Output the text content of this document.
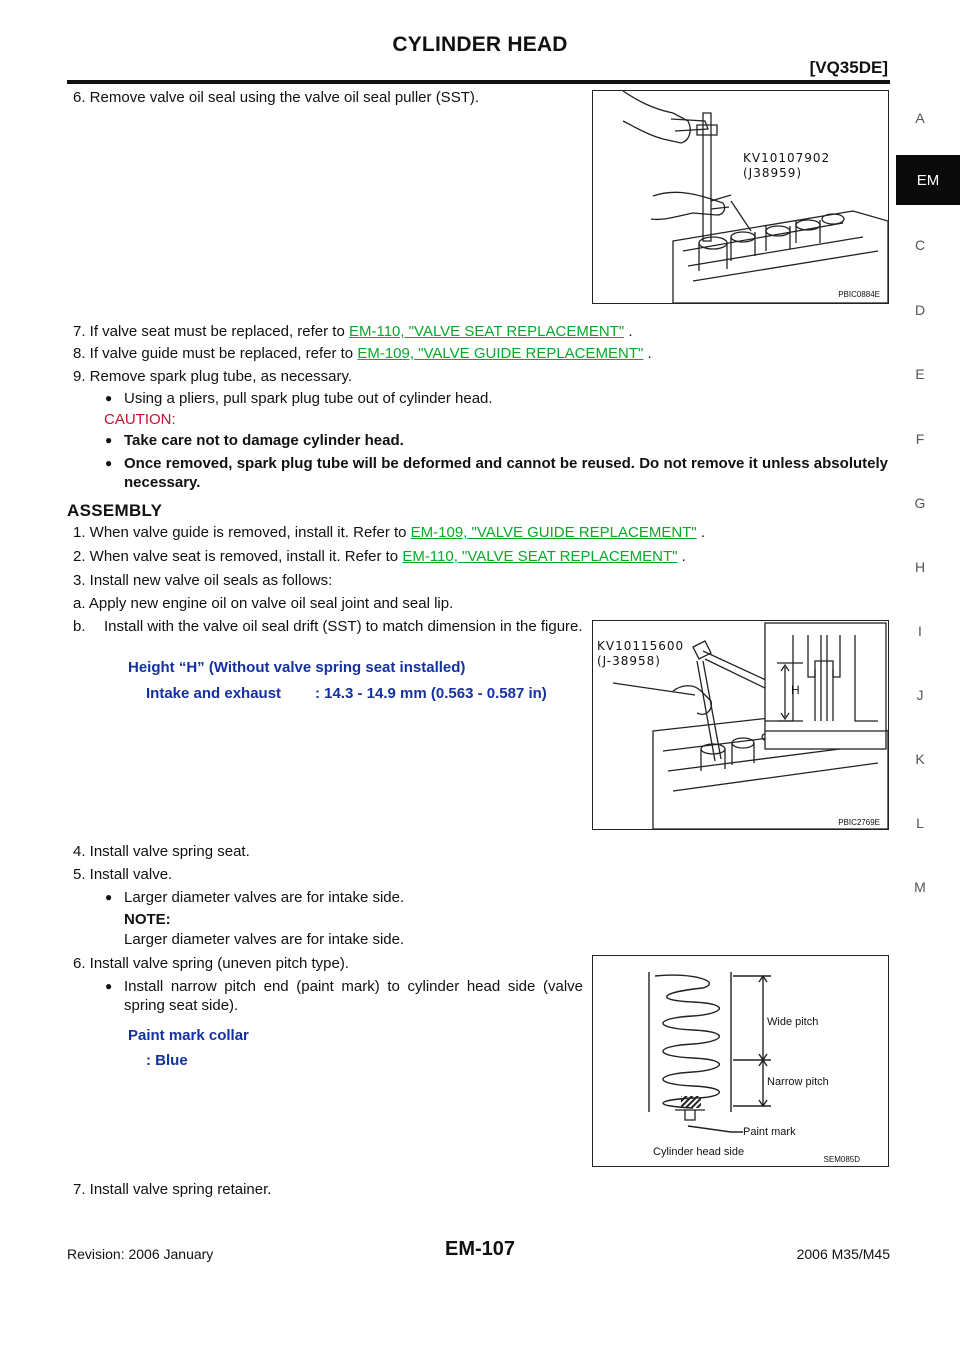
CYLINDER HEAD
[VQ35DE]
A
EM
C
D
E
F
G
H
I
J
K
L
M
6. Remove valve oil seal using the valve oil seal puller (SST).
KV10107902
(J38959)
PBIC0884E
7. If valve seat must be replaced, refer to EM-110, "VALVE SEAT REPLACEMENT" .
8. If valve guide must be replaced, refer to EM-109, "VALVE GUIDE REPLACEMENT" .
9. Remove spark plug tube, as necessary.
● Using a pliers, pull spark plug tube out of cylinder head.
CAUTION:
● Take care not to damage cylinder head.
● Once removed, spark plug tube will be deformed and cannot be reused. Do not remove it unless absolutely necessary.
ASSEMBLY
1. When valve guide is removed, install it. Refer to EM-109, "VALVE GUIDE REPLACEMENT" .
2. When valve seat is removed, install it. Refer to EM-110, "VALVE SEAT REPLACEMENT" .
3. Install new valve oil seals as follows:
a. Apply new engine oil on valve oil seal joint and seal lip.
b. Install with the valve oil seal drift (SST) to match dimension in the figure.
Height “H” (Without valve spring seat installed)
Intake and exhaust : 14.3 - 14.9 mm (0.563 - 0.587 in)
KV10115600
(J-38958)
H
PBIC2769E
4. Install valve spring seat.
5. Install valve.
● Larger diameter valves are for intake side.
NOTE:
Larger diameter valves are for intake side.
6. Install valve spring (uneven pitch type).
● Install narrow pitch end (paint mark) to cylinder head side (valve spring seat side).
Paint mark collar
: Blue
Wide pitch
Narrow pitch
Paint mark
Cylinder head side
SEM085D
7. Install valve spring retainer.
Revision: 2006 January	EM-107	2006 M35/M45
